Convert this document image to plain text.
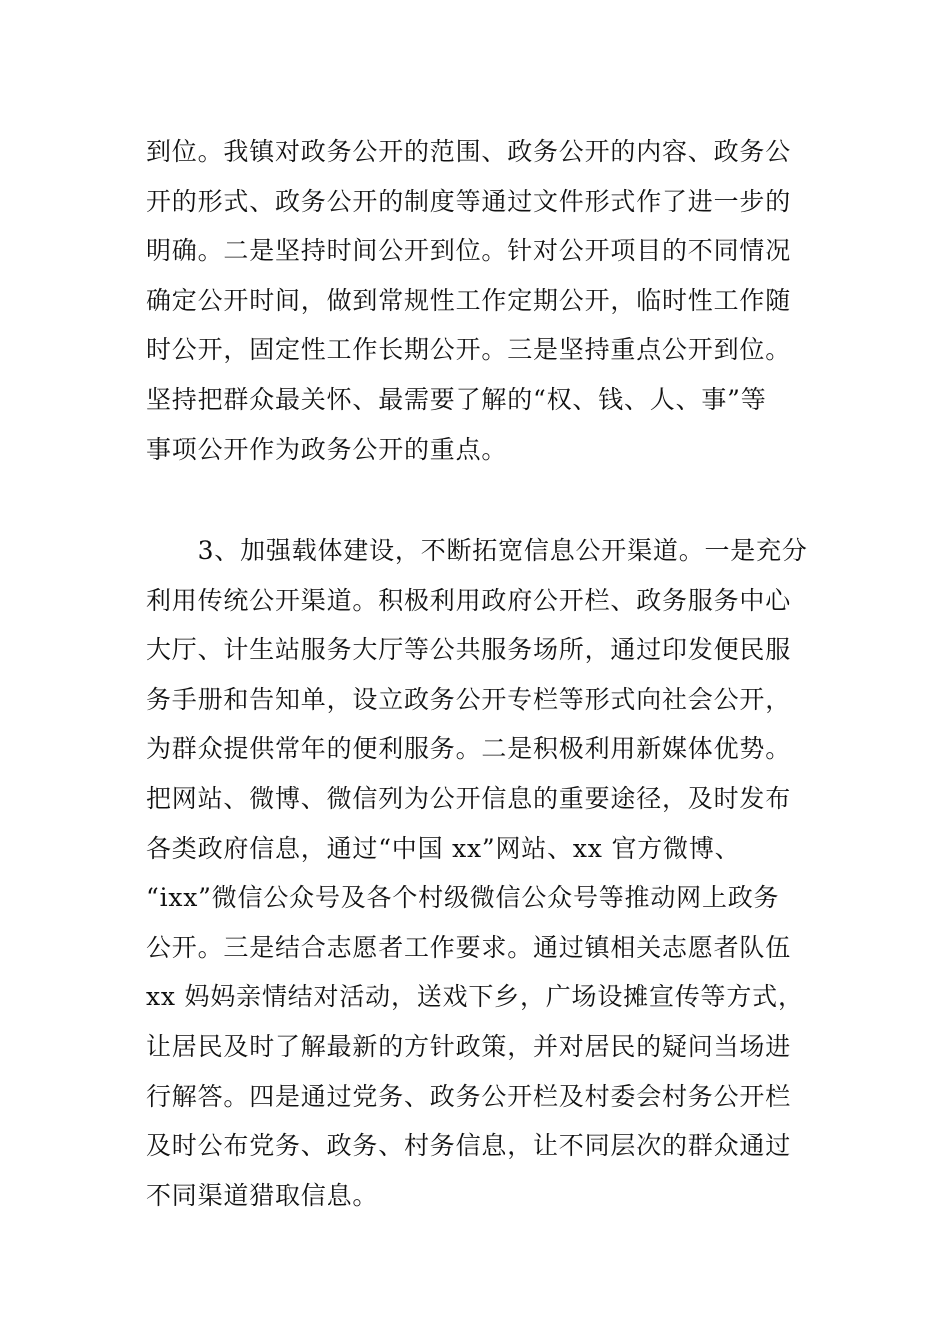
到位。我镇对政务公开的范围、政务公开的内容、政务公
开的形式、政务公开的制度等通过文件形式作了进一步的
明确。二是坚持时间公开到位。针对公开项目的不同情况
确定公开时间，做到常规性工作定期公开，临时性工作随
时公开，固定性工作长期公开。三是坚持重点公开到位。
坚持把群众最关怀、最需要了解的“权、钱、人、事”等
事项公开作为政务公开的重点。
　　3、加强载体建设，不断拓宽信息公开渠道。一是充分
利用传统公开渠道。积极利用政府公开栏、政务服务中心
大厅、计生站服务大厅等公共服务场所，通过印发便民服
务手册和告知单，设立政务公开专栏等形式向社会公开，
为群众提供常年的便利服务。二是积极利用新媒体优势。
把网站、微博、微信列为公开信息的重要途径，及时发布
各类政府信息，通过“中国 xx”网站、xx 官方微博、
“ixx”微信公众号及各个村级微信公众号等推动网上政务
公开。三是结合志愿者工作要求。通过镇相关志愿者队伍
xx 妈妈亲情结对活动，送戏下乡，广场设摊宣传等方式，
让居民及时了解最新的方针政策，并对居民的疑问当场进
行解答。四是通过党务、政务公开栏及村委会村务公开栏
及时公布党务、政务、村务信息，让不同层次的群众通过
不同渠道猎取信息。
